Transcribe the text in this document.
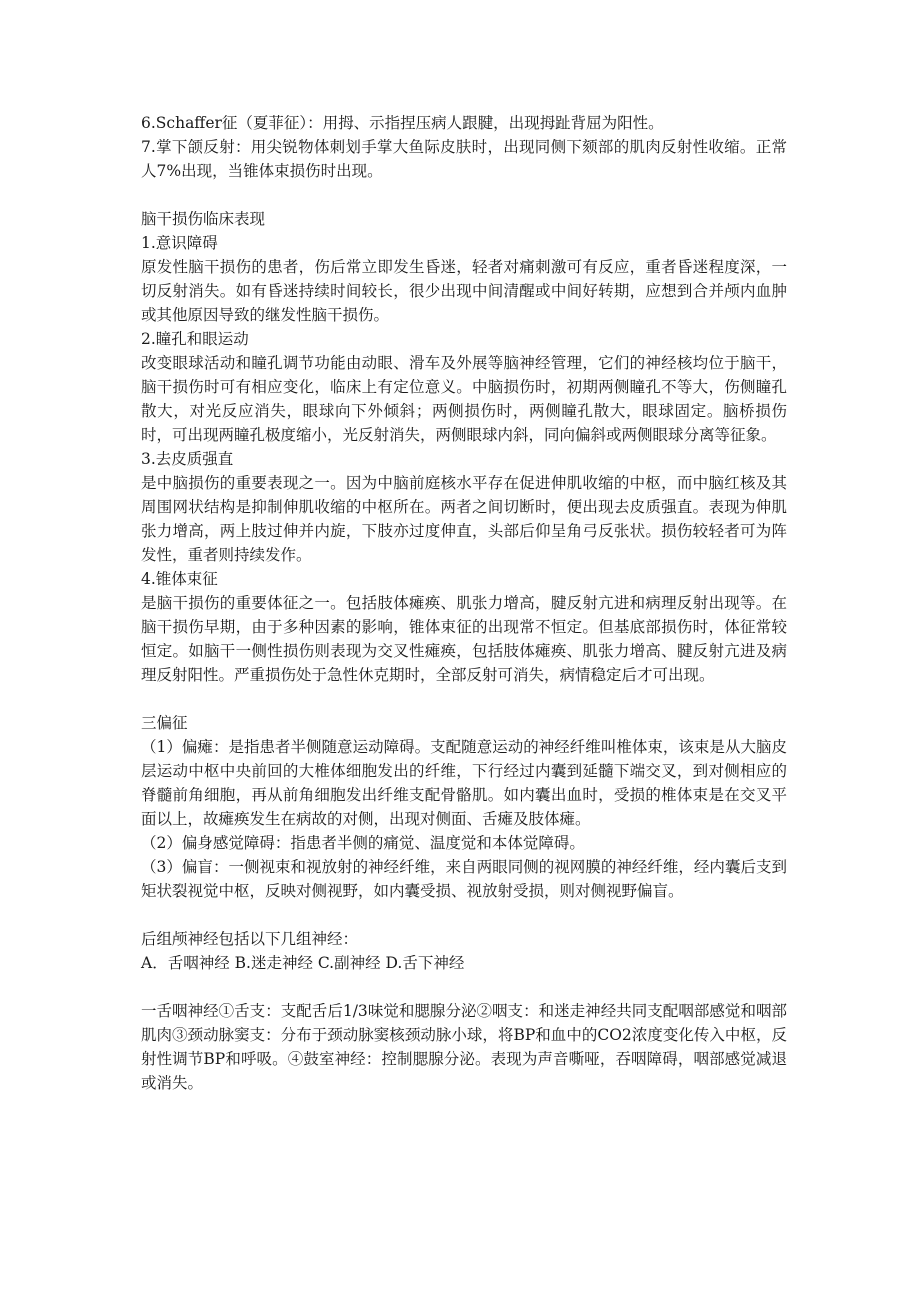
6.Schaffer征（夏菲征）：用拇、示指捏压病人跟腱，出现拇趾背屈为阳性。

7.掌下颌反射：用尖锐物体刺划手掌大鱼际皮肤时，出现同侧下颏部的肌肉反射性收缩。正常人7%出现，当锥体束损伤时出现。

脑干损伤临床表现

1.意识障碍

原发性脑干损伤的患者，伤后常立即发生昏迷，轻者对痛刺激可有反应，重者昏迷程度深，一切反射消失。如有昏迷持续时间较长，很少出现中间清醒或中间好转期，应想到合并颅内血肿或其他原因导致的继发性脑干损伤。

2.瞳孔和眼运动

改变眼球活动和瞳孔调节功能由动眼、滑车及外展等脑神经管理，它们的神经核均位于脑干，脑干损伤时可有相应变化，临床上有定位意义。中脑损伤时，初期两侧瞳孔不等大，伤侧瞳孔散大，对光反应消失，眼球向下外倾斜；两侧损伤时，两侧瞳孔散大，眼球固定。脑桥损伤时，可出现两瞳孔极度缩小，光反射消失，两侧眼球内斜，同向偏斜或两侧眼球分离等征象。

3.去皮质强直

是中脑损伤的重要表现之一。因为中脑前庭核水平存在促进伸肌收缩的中枢，而中脑红核及其周围网状结构是抑制伸肌收缩的中枢所在。两者之间切断时，便出现去皮质强直。表现为伸肌张力增高，两上肢过伸并内旋，下肢亦过度伸直，头部后仰呈角弓反张状。损伤较轻者可为阵发性，重者则持续发作。

4.锥体束征

是脑干损伤的重要体征之一。包括肢体瘫痪、肌张力增高，腱反射亢进和病理反射出现等。在脑干损伤早期，由于多种因素的影响，锥体束征的出现常不恒定。但基底部损伤时，体征常较恒定。如脑干一侧性损伤则表现为交叉性瘫痪，包括肢体瘫痪、肌张力增高、腱反射亢进及病理反射阳性。严重损伤处于急性休克期时，全部反射可消失，病情稳定后才可出现。

三偏征

（1）偏瘫：是指患者半侧随意运动障碍。支配随意运动的神经纤维叫椎体束，该束是从大脑皮层运动中枢中央前回的大椎体细胞发出的纤维，下行经过内囊到延髓下端交叉，到对侧相应的脊髓前角细胞，再从前角细胞发出纤维支配骨骼肌。如内囊出血时，受损的椎体束是在交叉平面以上，故瘫痪发生在病故的对侧，出现对侧面、舌瘫及肢体瘫。

（2）偏身感觉障碍：指患者半侧的痛觉、温度觉和本体觉障碍。

（3）偏盲：一侧视束和视放射的神经纤维，来自两眼同侧的视网膜的神经纤维，经内囊后支到矩状裂视觉中枢，反映对侧视野，如内囊受损、视放射受损，则对侧视野偏盲。

后组颅神经包括以下几组神经：

A．舌咽神经 B.迷走神经 C.副神经 D.舌下神经

一舌咽神经①舌支：支配舌后1/3味觉和腮腺分泌②咽支：和迷走神经共同支配咽部感觉和咽部肌肉③颈动脉窦支：分布于颈动脉窦核颈动脉小球，将BP和血中的CO2浓度变化传入中枢，反射性调节BP和呼吸。④鼓室神经：控制腮腺分泌。表现为声音嘶哑，吞咽障碍，咽部感觉减退或消失。
